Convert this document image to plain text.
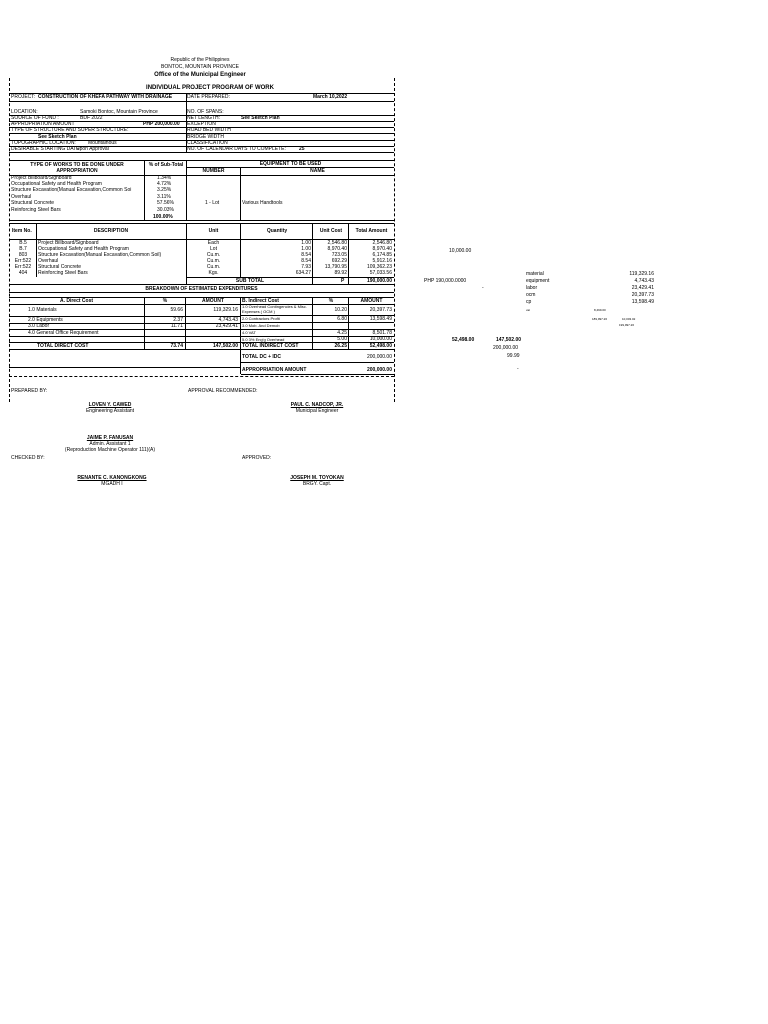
Republic of the Philippines
BONTOC, MOUNTAIN PROVINCE
Office of the Municipal Engineer
INDIVIDUAL PROJECT PROGRAM OF WORK
PROJECT: CONSTRUCTION OF KHEFA PATHWAY WITH DRAINAGE	DATE PREPARED:	March 10,2022
LOCATION:	Samoki Bontoc, Mountain Province	NO. OF SPANS:
SOURCE OF FUND :	BDF 2022	NET LENGTH:	See Sketch Plan
APPROPRIATION AMOUNT	PHP 200,000.00 EXCEPTION
TYPE OF STRUCTURE AND SUPER STRUCTURE:	ROAD BED WIDTH
See Sketch Plan	BRIDGE WIDTH
TOPOGRAPHIC LOCATION: Mountainous	CLASSIFICATION
DESIRABLE STARTING DATE:
Upon Approval	NO. OF CALENDAR DAYS TO COMPLETE:	25
TYPE OF WORKS TO BE DONE UNDER APPROPRIATION
% of Sub-Total	EQUIPMENT TO BE USED
NUMBER	NAME
Project Billboard/Signboard	1.34%
Occupational Safety and Health Program	4.72%
Structure Excavation(Manual Excavation,Common Soi	3.25%
Overhaul	3.11%
Structural Concrete	57.56%
Reinforcing Steel Bars	30.03%
100.00%
1 - Lot	Various Handtools
Item No.	DESCRIPTION	Unit	Quantity	Unit Cost	Total Amount
B.5	Project Billboard/Signboard	Each	1.00	2,546.80	2,546.80
B.7	Occupational Safety and Health Program	Lot	1.00	8,970.40	8,970.40
803	Structure Excavation(Manual Excavation,Common Soil)	Cu.m.	8.54	723.05	6,174.85
Err:522	Overhaul	Cu.m.	8.54	692.29	5,912.16
Err:522	Structural Concrete	Cu.m.	7.93	13,790.95	109,362.23
404	Reinforcing Steel Bars	Kgs.	634.27	89.92	57,033.56
SUB TOTAL	P	190,000.00
BREAKDOWN OF ESTIMATED EXPENDITURES
A. Direct Cost	%	AMOUNT	B. Indirect Cost	%	AMOUNT
1.0 Materials	59.66	119,329.16
2.0 Equipments	2.37	4,743.43
3.0 Labor	11.71	23,429.41
4.0 General Office Requirement
1.0 Overhead Contingencies & Misc. Expenses ( OCM )	10.20	20,397.73
2.0 Contractors Profit	6.80	13,598.49
3.0 Mob. And Demob
4.0 VAT	4.25	8,501.78
5.0 3% Eng'g Overhead	5.00	10,000.00
TOTAL DIRECT COST	73.74	147,502.00 TOTAL INDIRECT COST	26.25	52,498.00
TOTAL DC + IDC	200,000.00
APPROPRIATION AMOUNT	200,000.00
PREPARED BY:	APPROVAL RECOMMENDED:
LOVEN Y. CAWED
Engineering Assistant
PAUL C. NADCOP, JR.
Municipal Engineer
JAIME P. FANUSAN
Admin. Assistant 1
(Reproduction Machine Operator 111)(A)
CHECKED BY:	APPROVED:
RENANTE C. KANONGKONG
MGADH I
JOSEPH M. TOYOKAN
BRGY. Capt.
10,000.00
PHP 190,000.0000
-
material	119,329.16
equipment	4,743.43
labor	23,429.41
ocm	20,397.73
cp	13,598.49
vat	8,499.00
189,997.26	10,003.02
199,997.26
52,498.00	147,502.00
200,000.00
99.99
-
